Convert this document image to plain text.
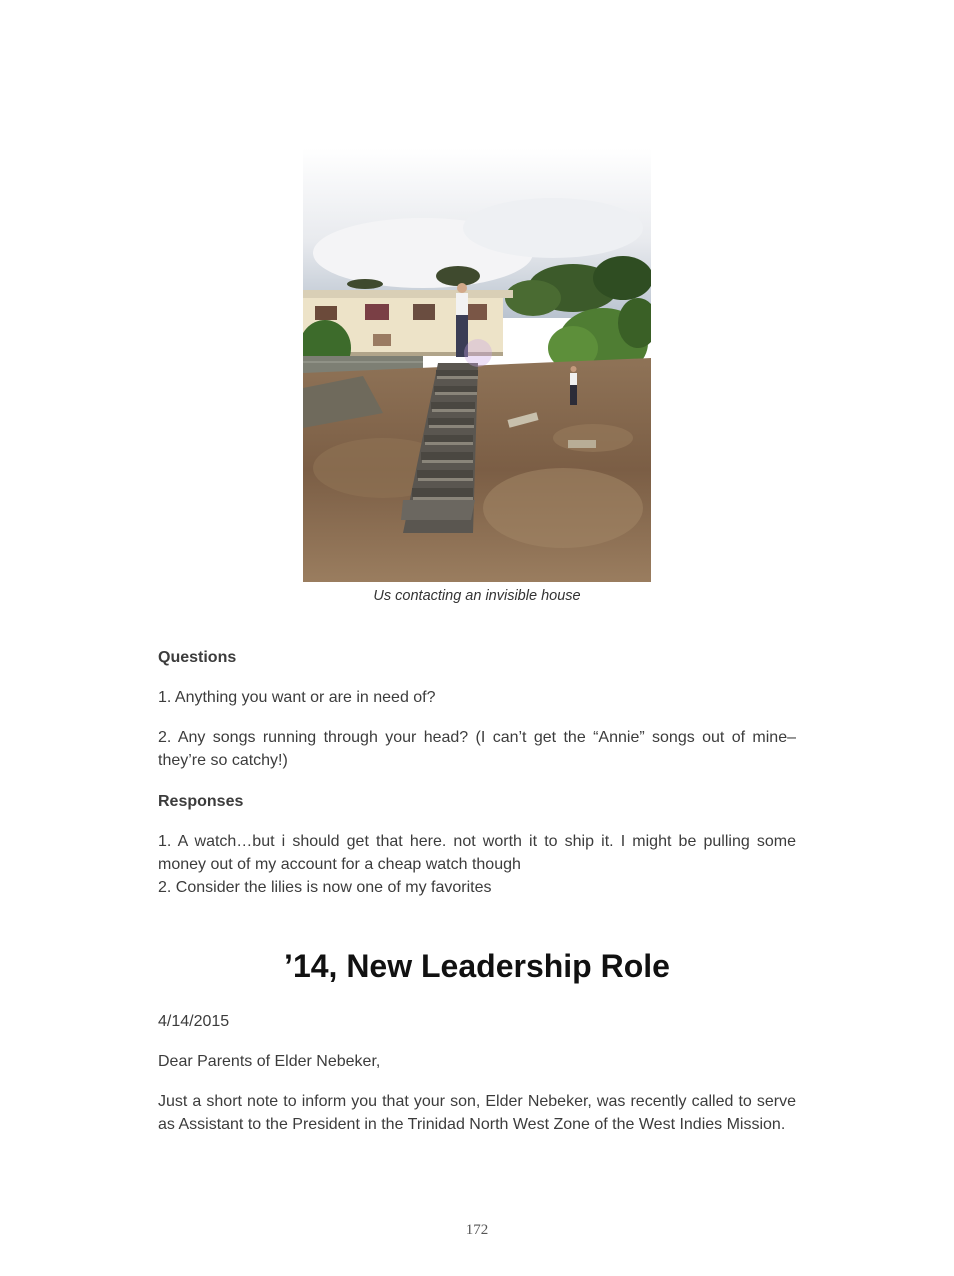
Us contacting an invisible house
Questions
1. Anything you want or are in need of?
2. Any songs running through your head? (I can’t get the “Annie” songs out of mine–they’re so catchy!)
Responses
1. A watch…but i should get that here. not worth it to ship it. I might be pulling some money out of my account for a cheap watch though
2. Consider the lilies is now one of my favorites
’14, New Leadership Role
4/14/2015
Dear Parents of Elder Nebeker,
Just a short note to inform you that your son, Elder Nebeker, was recently called to serve as Assistant to the President in the Trinidad North West Zone of the West Indies Mission.
172
